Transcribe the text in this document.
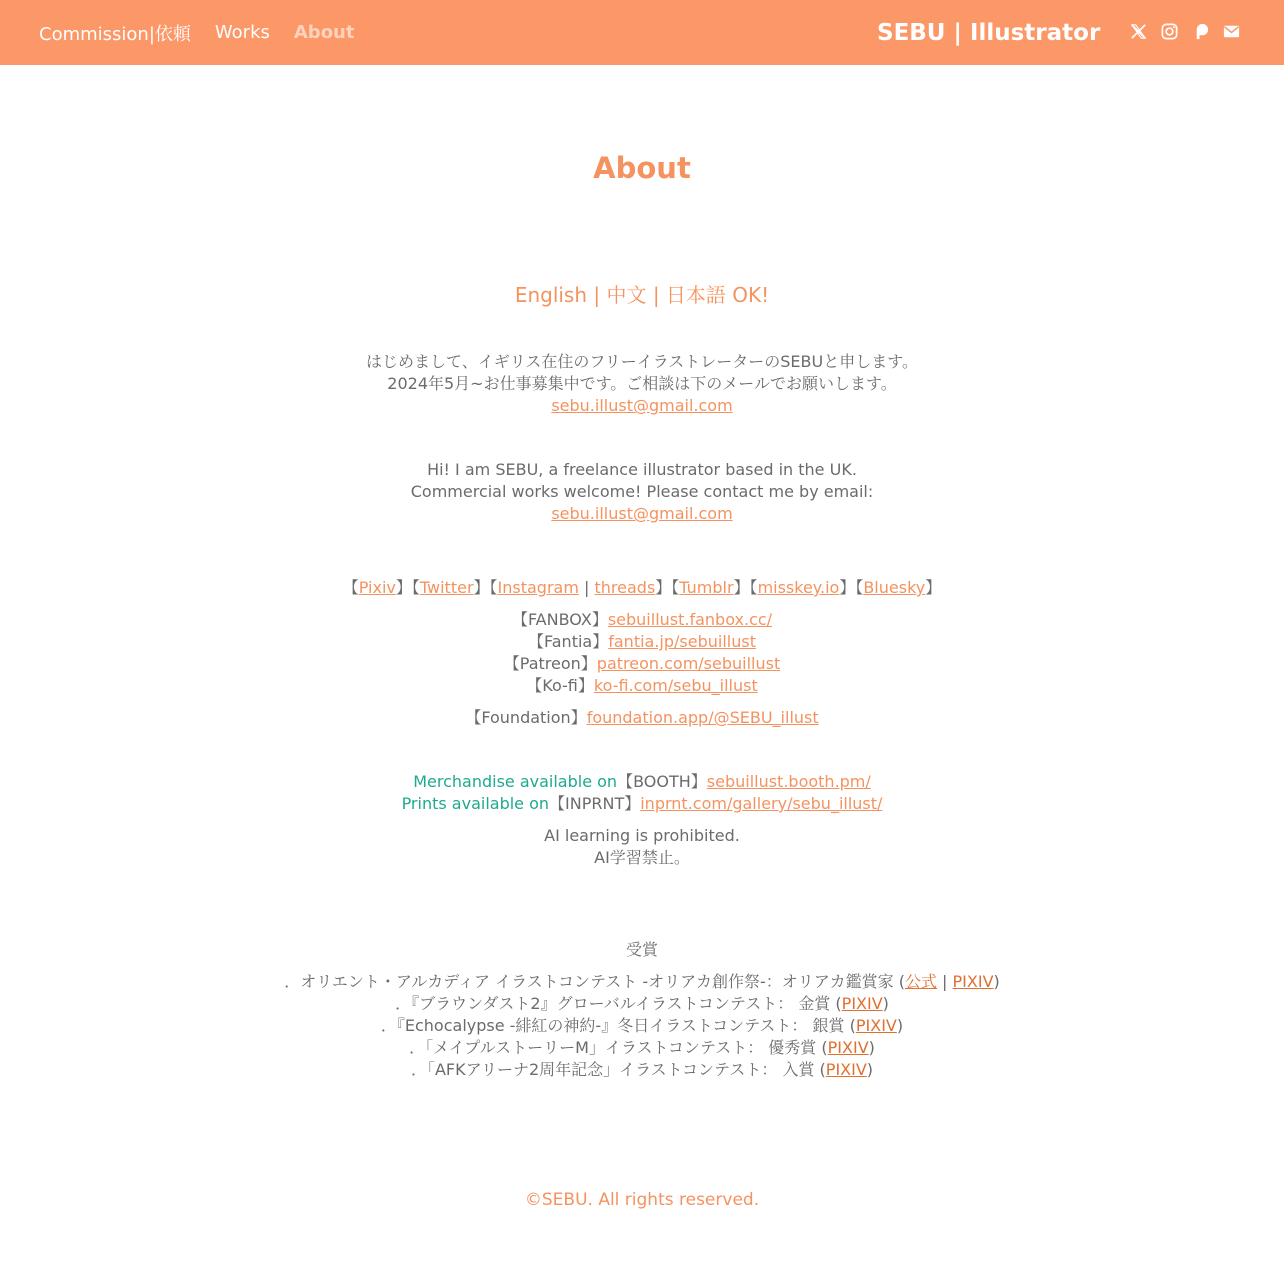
Commission|依頼 Works About	SEBU | Illustrator
About
English | 中文 | 日本語 OK!
はじめまして、イギリス在住のフリーイラストレーターのSEBUと申します。
2024年5月~お仕事募集中です。ご相談は下のメールでお願いします。
sebu.illust@gmail.com
Hi! I am SEBU, a freelance illustrator based in the UK.
Commercial works welcome! Please contact me by email:
sebu.illust@gmail.com
【Pixiv】【Twitter】【Instagram | threads】【Tumblr】【misskey.io】【Bluesky】
【FANBOX】sebuillust.fanbox.cc/
【Fantia】fantia.jp/sebuillust
【Patreon】patreon.com/sebuillust
【Ko-fi】ko-fi.com/sebu_illust
【Foundation】foundation.app/@SEBU_illust
Merchandise available on【BOOTH】sebuillust.booth.pm/
Prints available on【INPRNT】inprnt.com/gallery/sebu_illust/
AI learning is prohibited.
AI学習禁止。
受賞
．オリエント・アルカディア イラストコンテスト -オリアカ創作祭-：オリアカ鑑賞家 (公式 | PIXIV)
．『ブラウンダスト2』グローバルイラストコンテスト： 金賞 (PIXIV)
．『Echocalypse -緋紅の神約-』冬日イラストコンテスト： 銀賞 (PIXIV)
．「メイプルストーリーM」イラストコンテスト： 優秀賞 (PIXIV)
．「AFKアリーナ2周年記念」イラストコンテスト： 入賞 (PIXIV)
©SEBU. All rights reserved.
